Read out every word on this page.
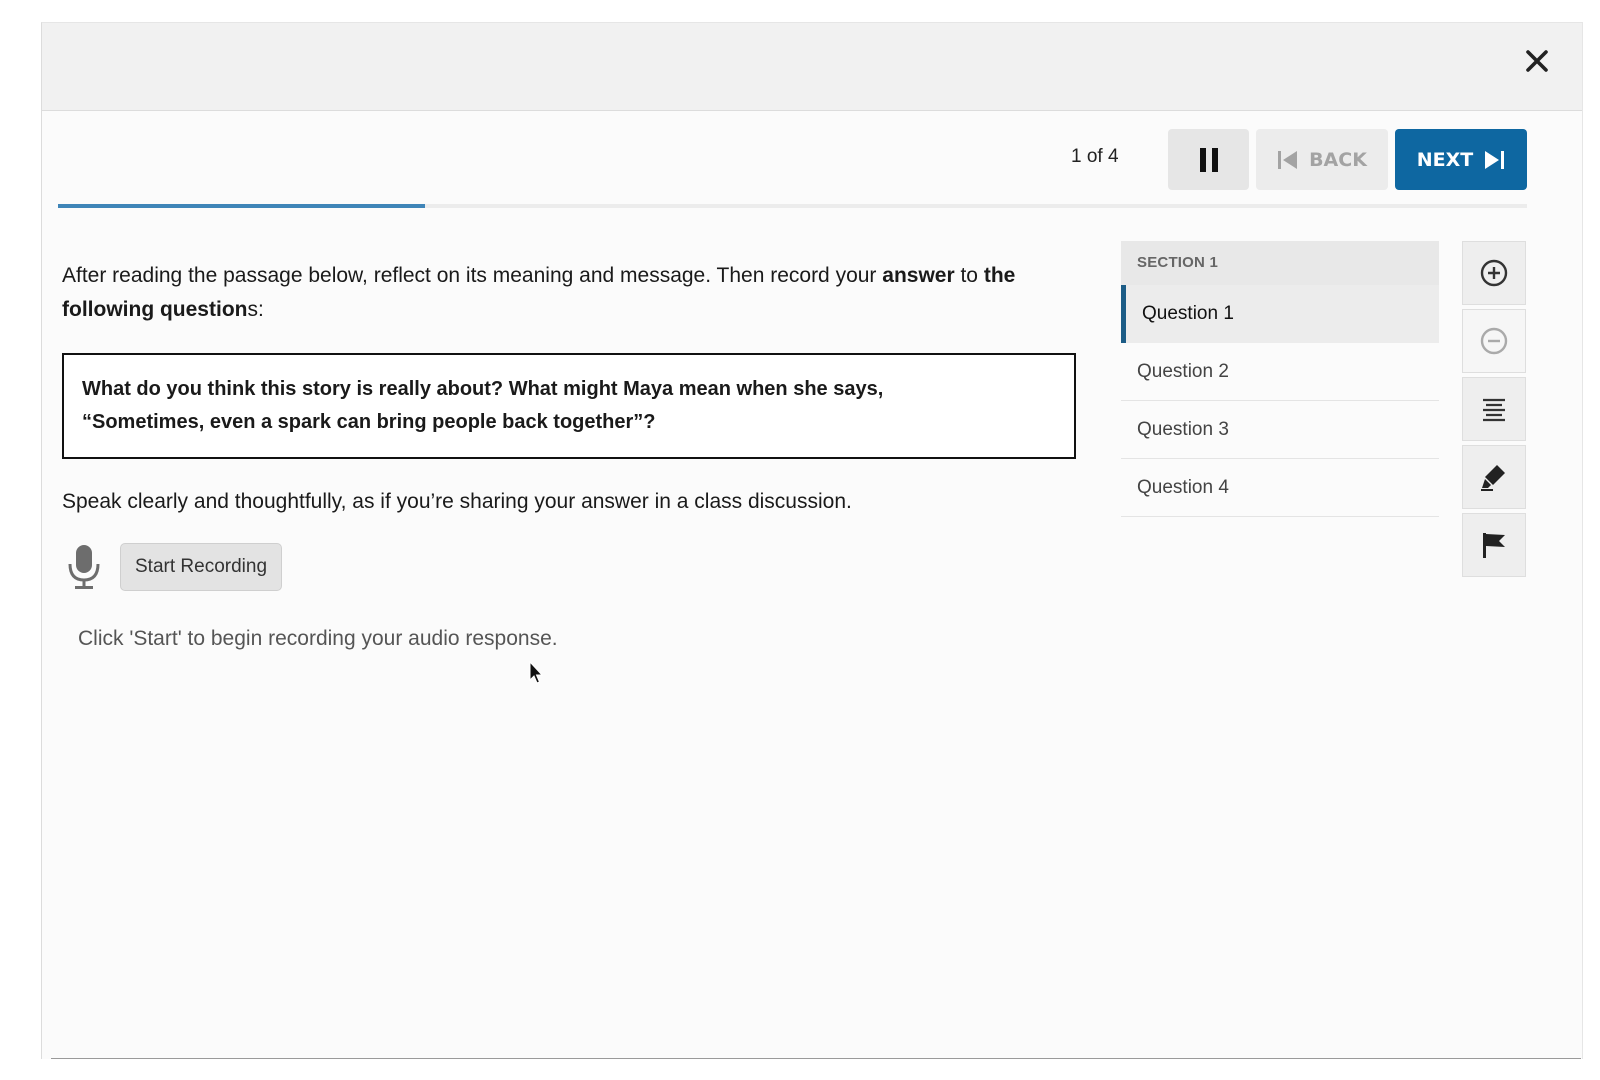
1 of 4	BACK	NEXT

After reading the passage below, reflect on its meaning and message. Then record your answer to the following questions:

What do you think this story is really about? What might Maya mean when she says,
“Sometimes, even a spark can bring people back together”?
Speak clearly and thoughtfully, as if you’re sharing your answer in a class discussion.
Start Recording
Click 'Start' to begin recording your audio response.
SECTION 1
Question 1
Question 2
Question 3
Question 4
